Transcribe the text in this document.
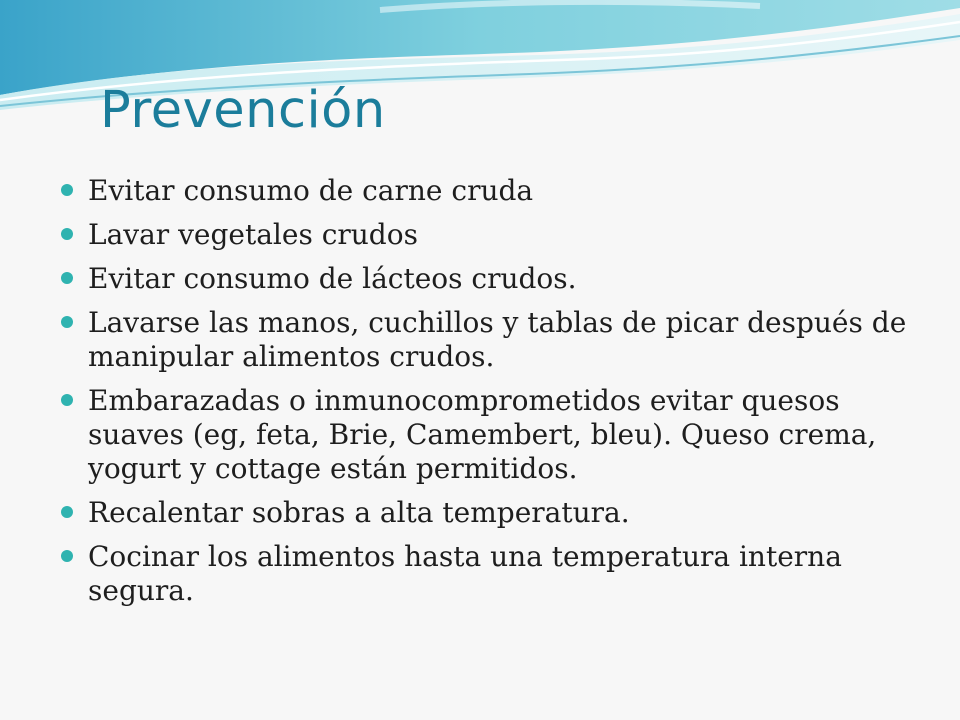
Prevención
Evitar consumo de carne cruda
Lavar vegetales crudos
Evitar consumo de lácteos crudos.
Lavarse las manos, cuchillos y tablas de picar después de manipular alimentos crudos.
Embarazadas o inmunocomprometidos evitar quesos suaves (eg, feta, Brie, Camembert, bleu). Queso crema, yogurt y cottage están permitidos.
Recalentar sobras a alta temperatura.
Cocinar los alimentos hasta una temperatura interna segura.
